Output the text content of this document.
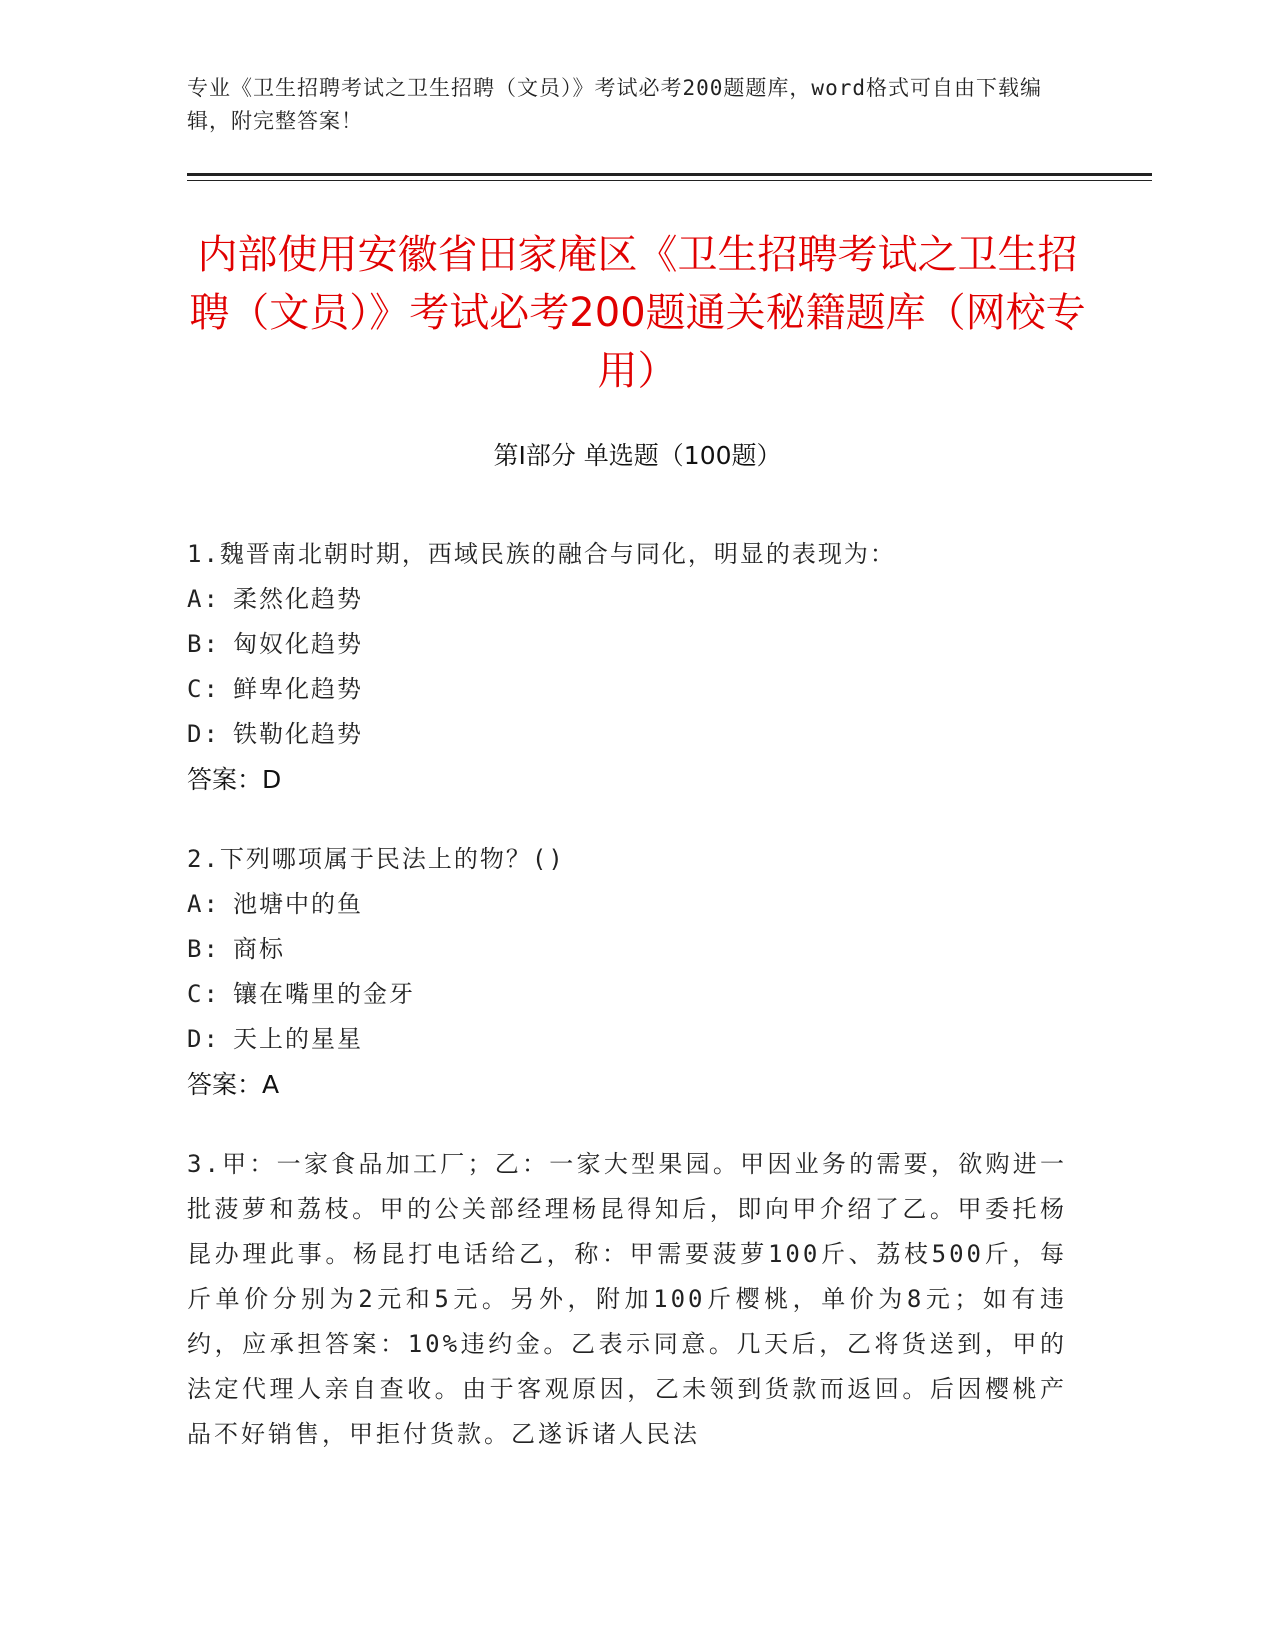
专业《卫生招聘考试之卫生招聘（文员）》考试必考200题题库，word格式可自由下载编辑，附完整答案！
内部使用安徽省田家庵区《卫生招聘考试之卫生招聘（文员）》考试必考200题通关秘籍题库（网校专用）
第Ⅰ部分 单选题（100题）

1.魏晋南北朝时期，西域民族的融合与同化，明显的表现为：

A: 柔然化趋势

B: 匈奴化趋势

C: 鲜卑化趋势

D: 铁勒化趋势

答案：D

2.下列哪项属于民法上的物？()

A: 池塘中的鱼

B: 商标

C: 镶在嘴里的金牙

D: 天上的星星

答案：A

3.甲：一家食品加工厂；乙：一家大型果园。甲因业务的需要，欲购进一批菠萝和荔枝。甲的公关部经理杨昆得知后，即向甲介绍了乙。甲委托杨昆办理此事。杨昆打电话给乙，称：甲需要菠萝100斤、荔枝500斤，每斤单价分别为2元和5元。另外，附加100斤樱桃，单价为8元；如有违约，应承担答案：10%违约金。乙表示同意。几天后，乙将货送到，甲的法定代理人亲自查收。由于客观原因，乙未领到货款而返回。后因樱桃产品不好销售，甲拒付货款。乙遂诉诸人民法
